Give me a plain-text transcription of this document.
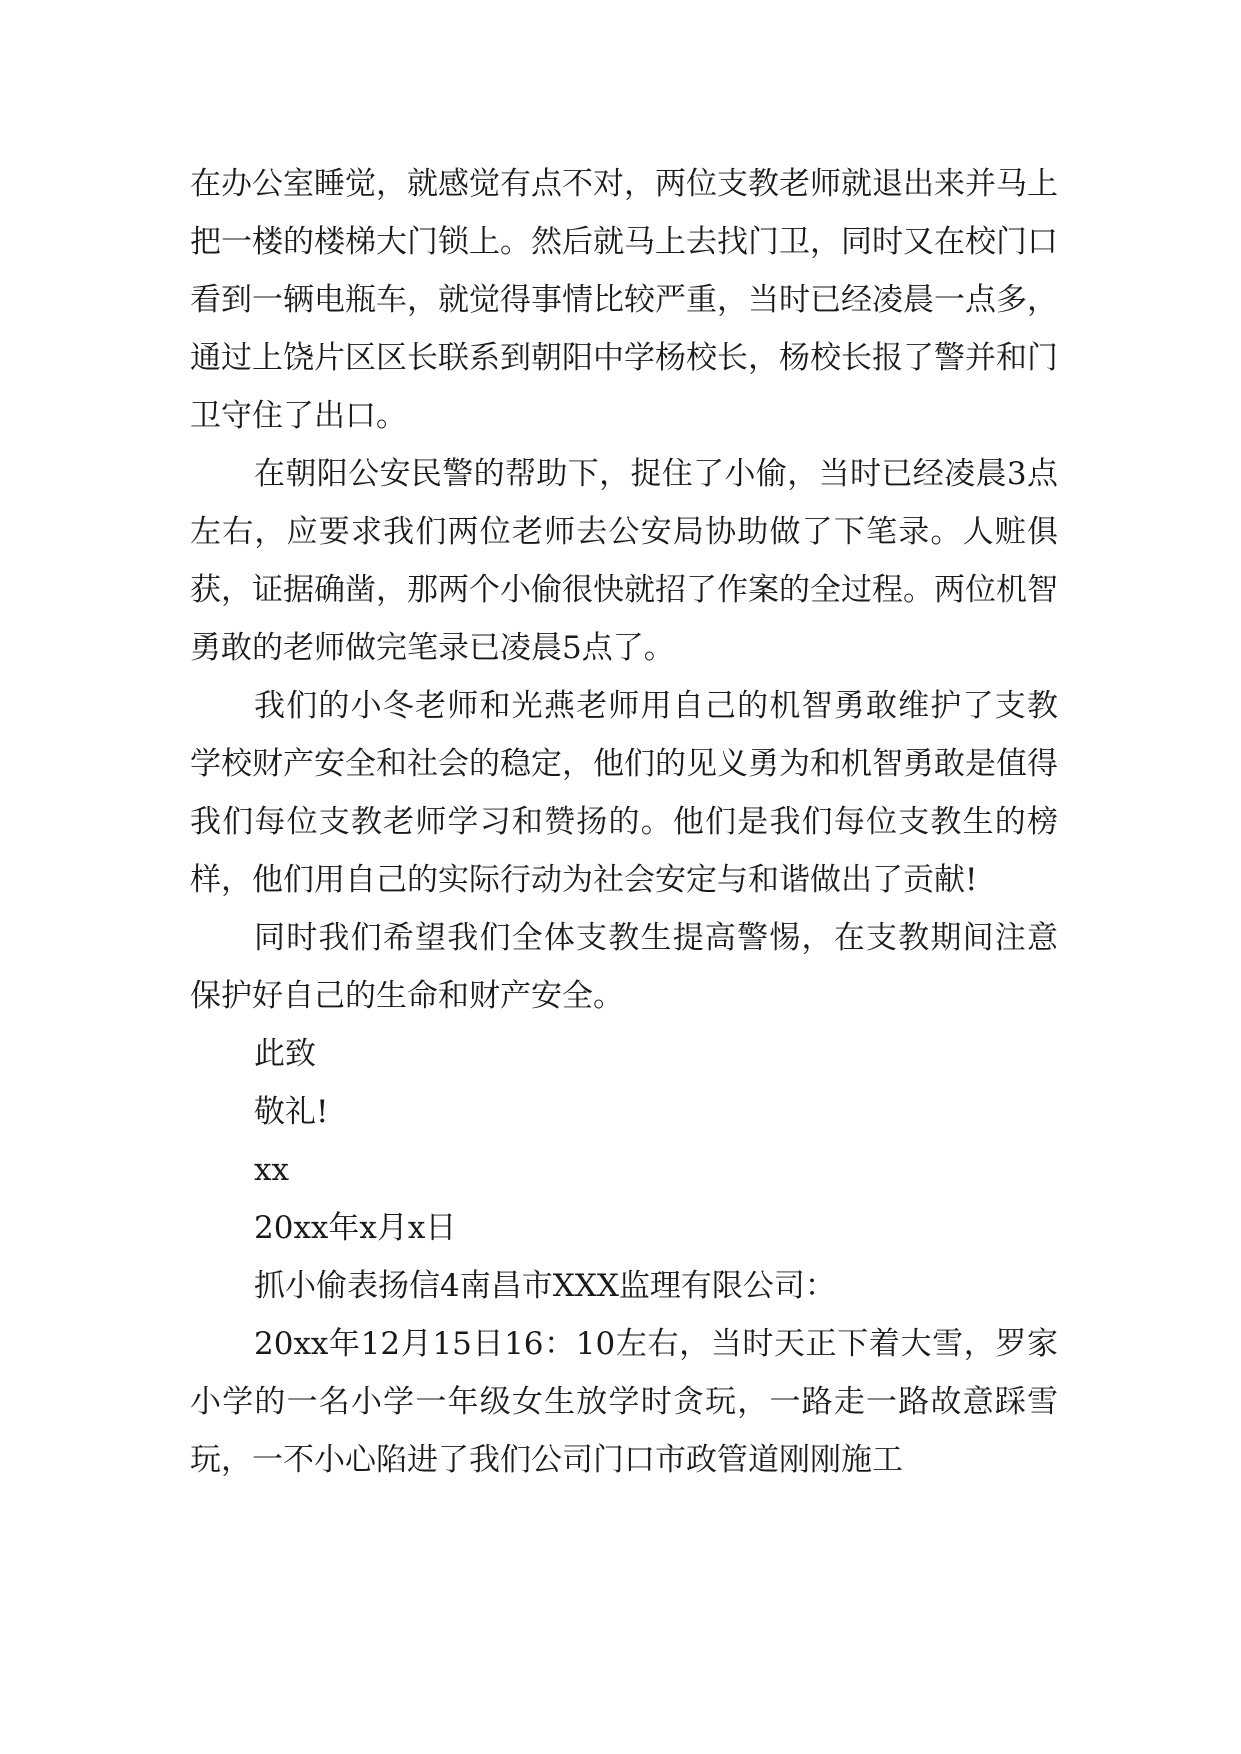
在办公室睡觉，就感觉有点不对，两位支教老师就退出来并马上把一楼的楼梯大门锁上。然后就马上去找门卫，同时又在校门口看到一辆电瓶车，就觉得事情比较严重，当时已经凌晨一点多，通过上饶片区区长联系到朝阳中学杨校长，杨校长报了警并和门卫守住了出口。

在朝阳公安民警的帮助下，捉住了小偷，当时已经凌晨3点左右，应要求我们两位老师去公安局协助做了下笔录。人赃俱获，证据确凿，那两个小偷很快就招了作案的全过程。两位机智勇敢的老师做完笔录已凌晨5点了。

我们的小冬老师和光燕老师用自己的机智勇敢维护了支教学校财产安全和社会的稳定，他们的见义勇为和机智勇敢是值得我们每位支教老师学习和赞扬的。他们是我们每位支教生的榜样，他们用自己的实际行动为社会安定与和谐做出了贡献!

同时我们希望我们全体支教生提高警惕，在支教期间注意保护好自己的生命和财产安全。

此致

敬礼!

xx

20xx年x月x日

抓小偷表扬信4南昌市XXX监理有限公司：

20xx年12月15日16：10左右，当时天正下着大雪，罗家小学的一名小学一年级女生放学时贪玩，一路走一路故意踩雪玩，一不小心陷进了我们公司门口市政管道刚刚施工
